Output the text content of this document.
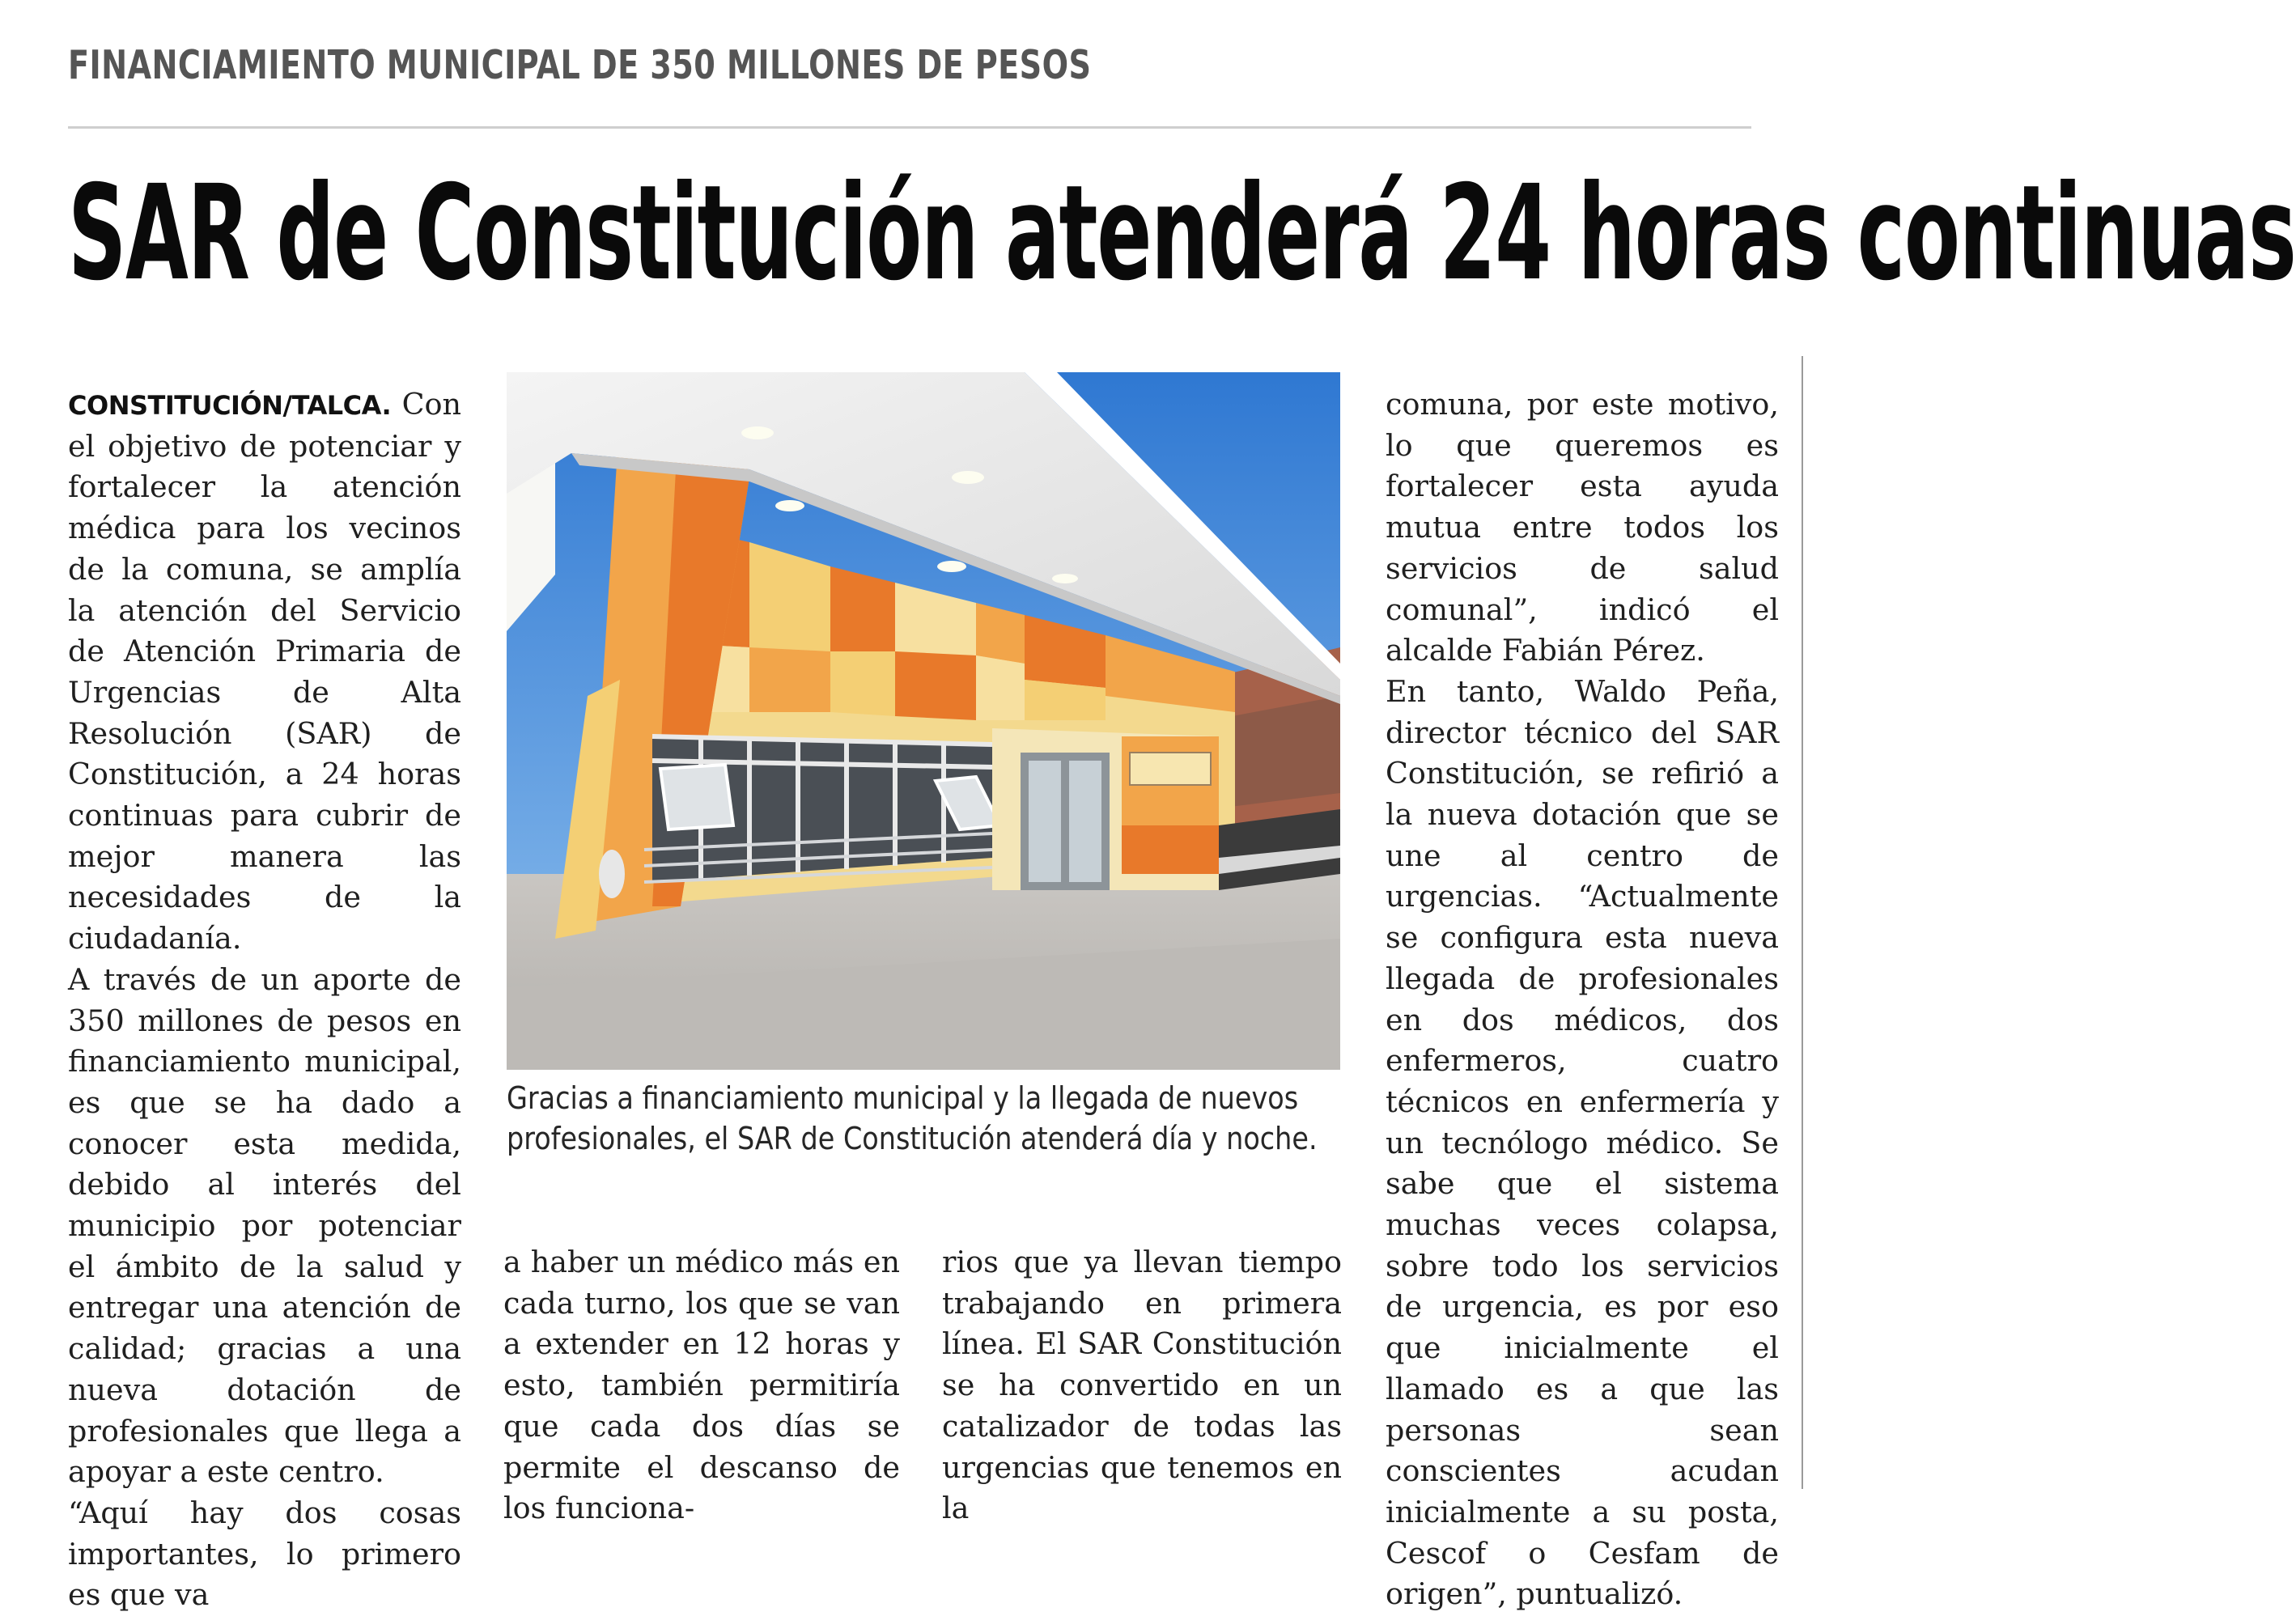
FINANCIAMIENTO MUNICIPAL DE 350 MILLONES DE PESOS
SAR de Constitución atenderá 24 horas continuas

CONSTITUCIÓN/TALCA. Con el objetivo de potenciar y fortalecer la atención médica para los vecinos de la comuna, se amplía la atención del Servicio de Atención Primaria de Urgencias de Alta Resolución (SAR) de Constitución, a 24 horas continuas para cubrir de mejor manera las necesidades de la ciudadanía.

A través de un aporte de 350 millones de pesos en financiamiento municipal, es que se ha dado a conocer esta medida, debido al interés del municipio por potenciar el ámbito de la salud y entregar una atención de calidad; gracias a una nueva dotación de profesionales que llega a apoyar a este centro.

“Aquí hay dos cosas importantes, lo primero es que va

Gracias a financiamiento municipal y la llegada de nuevos profesionales, el SAR de Constitución atenderá día y noche.

a haber un médico más en cada turno, los que se van a extender en 12 horas y esto, también permitiría que cada dos días se permite el descanso de los funciona-

rios que ya llevan tiempo trabajando en primera línea. El SAR Constitución se ha convertido en un catalizador de todas las urgencias que tenemos en la

comuna, por este motivo, lo que queremos es fortalecer esta ayuda mutua entre todos los servicios de salud comunal”, indicó el alcalde Fabián Pérez.

En tanto, Waldo Peña, director técnico del SAR Constitución, se refirió a la nueva dotación que se une al centro de urgencias. “Actualmente se configura esta nueva llegada de profesionales en dos médicos, dos enfermeros, cuatro técnicos en enfermería y un tecnólogo médico. Se sabe que el sistema muchas veces colapsa, sobre todo los servicios de urgencia, es por eso que inicialmente el llamado es a que las personas sean conscientes acudan inicialmente a su posta, Cescof o Cesfam de origen”, puntualizó.
